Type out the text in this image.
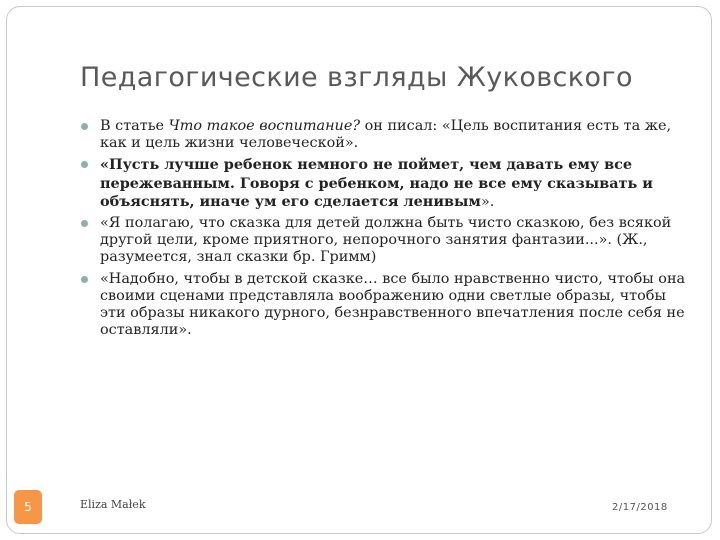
Педагогические взгляды Жуковского
В статье Что такое воспитание? он писал: «Цель воспитания есть та же, как и цель жизни человеческой».
«Пусть лучше ребенок немного не поймет, чем давать ему все пережеванным. Говоря с ребенком, надо не все ему сказывать и объяснять, иначе ум его сделается ленивым».
«Я полагаю, что сказка для детей должна быть чисто сказкою, без всякой другой цели, кроме приятного, непорочного занятия фантазии...». (Ж., разумеется, знал сказки бр. Гримм)
«Надобно, чтобы в детской сказке… все было нравственно чисто, чтобы она своими сценами представляла воображению одни светлые образы, чтобы эти образы никакого дурного, безнравственного впечатления после себя не оставляли».
5	Eliza Małek	2/17/2018
